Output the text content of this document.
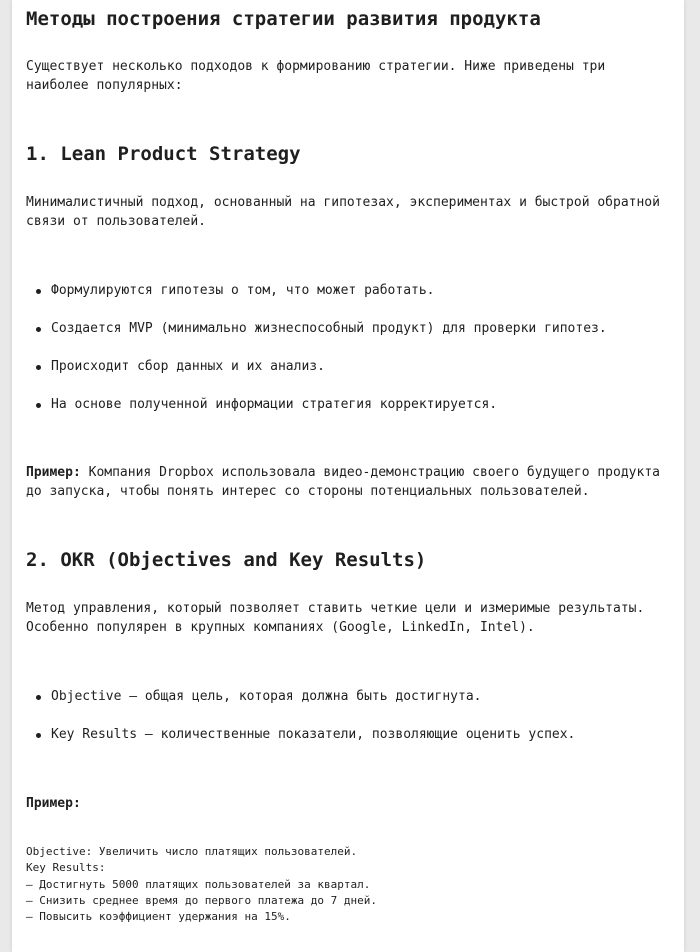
Методы построения стратегии развития продукта

Существует несколько подходов к формированию стратегии. Ниже приведены три наиболее популярных:

1. Lean Product Strategy

Минималистичный подход, основанный на гипотезах, экспериментах и быстрой обратной связи от пользователей.

Формулируются гипотезы о том, что может работать.
Создается MVP (минимально жизнеспособный продукт) для проверки гипотез.
Происходит сбор данных и их анализ.
На основе полученной информации стратегия корректируется.

Пример: Компания Dropbox использовала видео-демонстрацию своего будущего продукта до запуска, чтобы понять интерес со стороны потенциальных пользователей.

2. OKR (Objectives and Key Results)

Метод управления, который позволяет ставить четкие цели и измеримые результаты. Особенно популярен в крупных компаниях (Google, LinkedIn, Intel).

Objective — общая цель, которая должна быть достигнута.
Key Results — количественные показатели, позволяющие оценить успех.

Пример:

Objective: Увеличить число платящих пользователей.
Key Results:
– Достигнуть 5000 платящих пользователей за квартал.
– Снизить среднее время до первого платежа до 7 дней.
– Повысить коэффициент удержания на 15%.
